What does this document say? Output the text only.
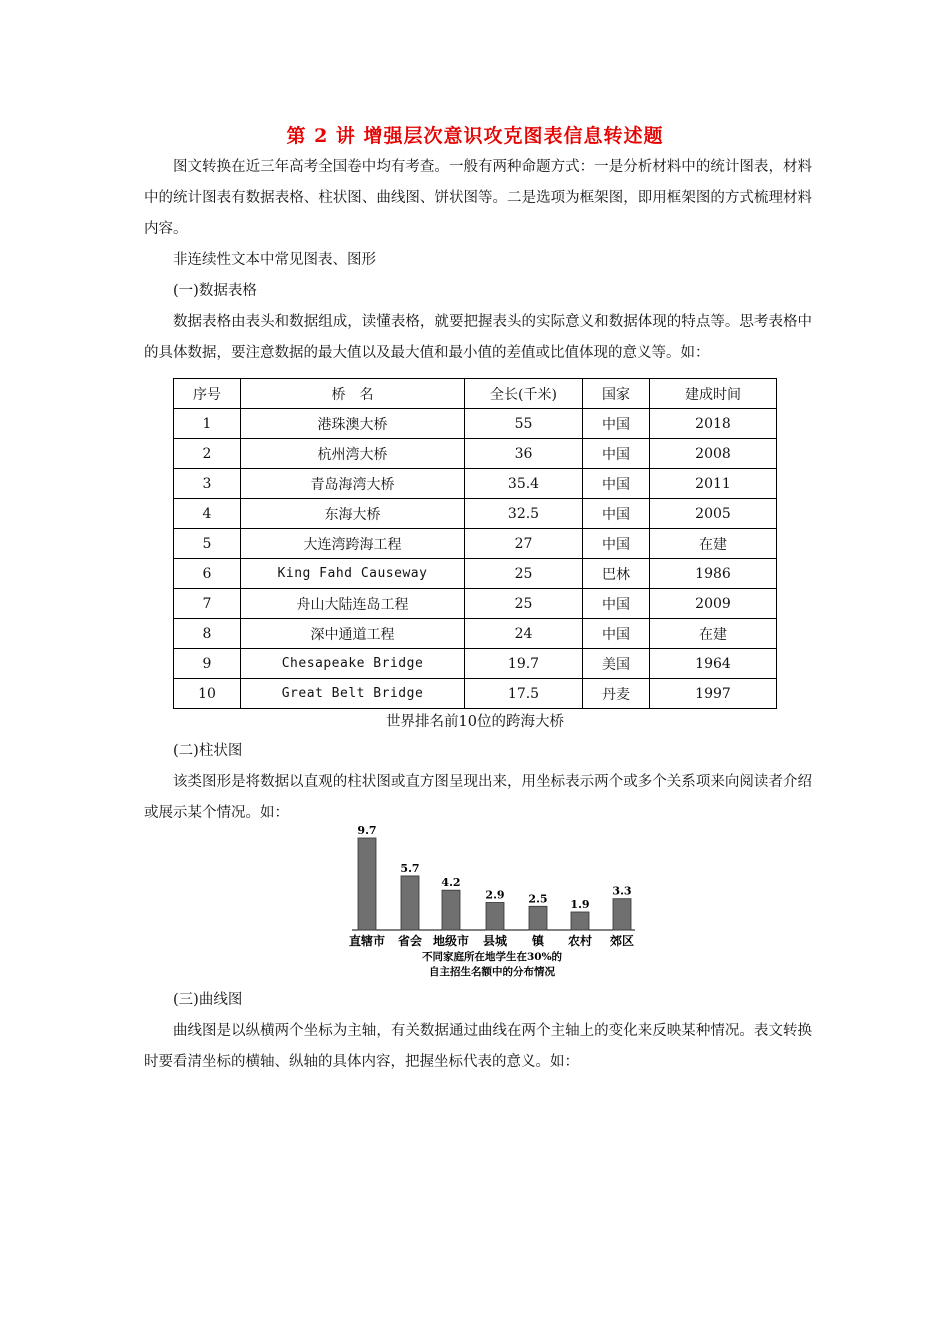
第 2 讲 增强层次意识攻克图表信息转述题

图文转换在近三年高考全国卷中均有考查。一般有两种命题方式：一是分析材料中的统计图表，材料中的统计图表有数据表格、柱状图、曲线图、饼状图等。二是选项为框架图，即用框架图的方式梳理材料内容。

非连续性文本中常见图表、图形

(一)数据表格

数据表格由表头和数据组成，读懂表格，就要把握表头的实际意义和数据体现的特点等。思考表格中的具体数据，要注意数据的最大值以及最大值和最小值的差值或比值体现的意义等。如：

序号	桥　名	全长(千米)	国家	建成时间
1	港珠澳大桥	55	中国	2018
2	杭州湾大桥	36	中国	2008
3	青岛海湾大桥	35.4	中国	2011
4	东海大桥	32.5	中国	2005
5	大连湾跨海工程	27	中国	在建
6	King Fahd Causeway	25	巴林	1986
7	舟山大陆连岛工程	25	中国	2009
8	深中通道工程	24	中国	在建
9	Chesapeake Bridge	19.7	美国	1964
10	Great Belt Bridge	17.5	丹麦	1997
世界排名前10位的跨海大桥

(二)柱状图

该类图形是将数据以直观的柱状图或直方图呈现出来，用坐标表示两个或多个关系项来向阅读者介绍或展示某个情况。如：

9.7
直辖市
5.7
省会
4.2
地级市
2.9
县城
2.5
镇
1.9
农村
3.3
郊区
不同家庭所在地学生在30%的
自主招生名额中的分布情况

(三)曲线图

曲线图是以纵横两个坐标为主轴，有关数据通过曲线在两个主轴上的变化来反映某种情况。表文转换时要看清坐标的横轴、纵轴的具体内容，把握坐标代表的意义。如：
